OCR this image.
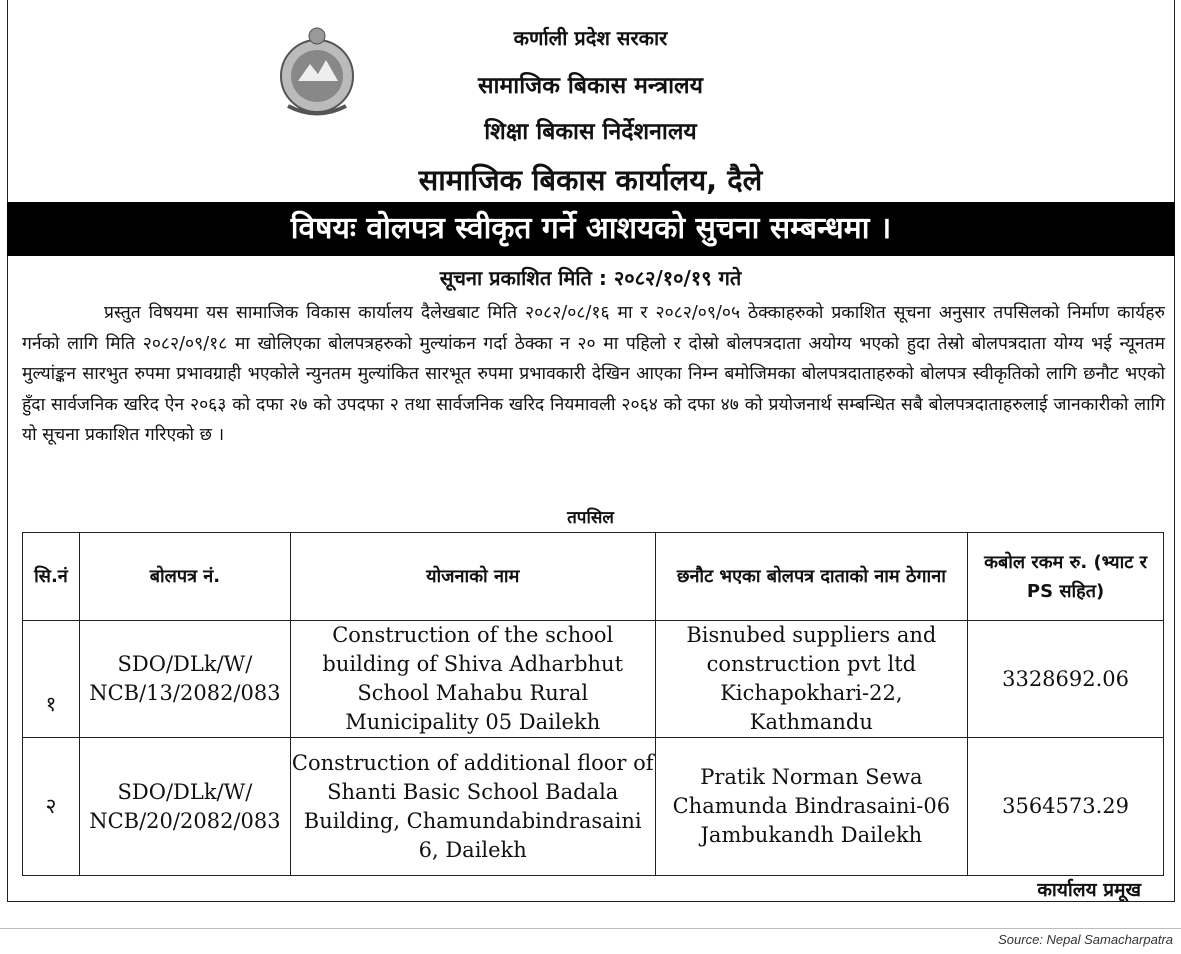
कर्णाली प्रदेश सरकार
सामाजिक बिकास मन्त्रालय
शिक्षा बिकास निर्देशनालय
सामाजिक बिकास कार्यालय, दैले
विषयः वोलपत्र स्वीकृत गर्ने आशयको सुचना सम्बन्धमा ।
सूचना प्रकाशित मिति : २०८२/१०/१९ गते
प्रस्तुत विषयमा यस सामाजिक विकास कार्यालय दैलेखबाट मिति २०८२/०८/१६ मा र २०८२/०९/०५ ठेक्काहरुको प्रकाशित सूचना अनुसार तपसिलको निर्माण कार्यहरु गर्नको लागि मिति २०८२/०९/१८ मा खोलिएका बोलपत्रहरुको मुल्यांकन गर्दा ठेक्का न २० मा पहिलो र दोस्रो बोलपत्रदाता अयोग्य भएको हुदा तेस्रो बोलपत्रदाता योग्य भई न्यूनतम मुल्यांङ्कन सारभुत रुपमा प्रभावग्राही भएकोले न्युनतम मुल्यांकित सारभूत रुपमा प्रभावकारी देखिन आएका निम्न बमोजिमका बोलपत्रदाताहरुको बोलपत्र स्वीकृतिको लागि छनौट भएको हुँदा सार्वजनिक खरिद ऐन २०६३ को दफा २७ को उपदफा २ तथा सार्वजनिक खरिद नियमावली २०६४ को दफा ४७ को प्रयोजनार्थ सम्बन्धित सबै बोलपत्रदाताहरुलाई जानकारीको लागि यो सूचना प्रकाशित गरिएको छ ।
तपसिल
सि.नं	बोलपत्र नं.	योजनाको नाम	छनौट भएका बोलपत्र दाताको नाम ठेगाना	कबोल रकम रु. (भ्याट र PS सहित)
१	SDO/DLk/W/ NCB/13/2082/083	Construction of the school building of Shiva Adharbhut School Mahabu Rural Municipality 05 Dailekh	Bisnubed suppliers and construction pvt ltd Kichapokhari-22, Kathmandu	3328692.06
२	SDO/DLk/W/ NCB/20/2082/083	Construction of additional floor of Shanti Basic School Badala Building, Chamundabindrasaini 6, Dailekh	Pratik Norman Sewa Chamunda Bindrasaini-06 Jambukandh Dailekh	3564573.29
कार्यालय प्रमूख
Source: Nepal Samacharpatra
